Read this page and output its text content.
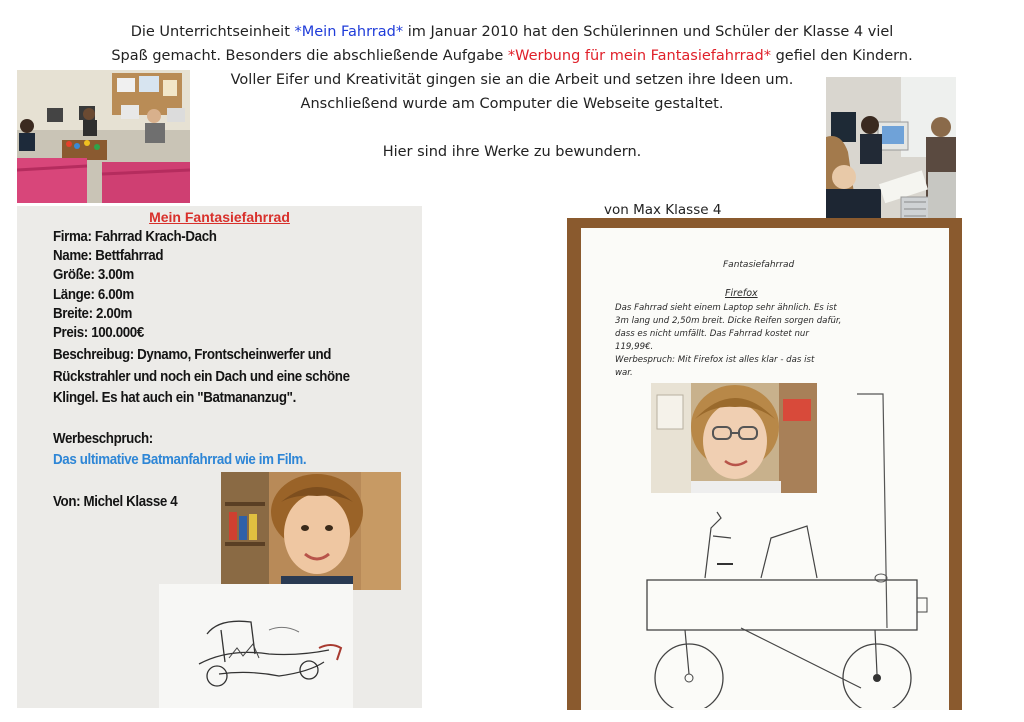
Die Unterrichtseinheit *Mein Fahrrad* im Januar 2010 hat den Schülerinnen und Schüler der Klasse 4 viel
Spaß gemacht. Besonders die abschließende Aufgabe *Werbung für mein Fantasiefahrrad* gefiel den Kindern.
Voller Eifer und Kreativität gingen sie an die Arbeit und setzen ihre Ideen um.
Anschließend wurde am Computer die Webseite gestaltet.
Hier sind ihre Werke zu bewundern.
Mein Fantasiefahrrad
Firma: Fahrrad Krach-Dach
Name: Bettfahrrad
Größe: 3.00m
Länge: 6.00m
Breite: 2.00m
Preis: 100.000€
Beschreibug: Dynamo, Frontscheinwerfer und
Rückstrahler und noch ein Dach und eine schöne
Klingel. Es hat auch ein "Batmananzug".
Werbeschpruch:
Das ultimative Batmanfahrrad wie im Film.
Von: Michel Klasse 4
von Max Klasse 4
Fantasiefahrrad
Firefox
Das Fahrrad sieht einem Laptop sehr ähnlich. Es ist
3m lang und 2,50m breit. Dicke Reifen sorgen dafür,
dass es nicht umfällt. Das Fahrrad kostet nur
119,99€.
Werbespruch: Mit Firefox ist alles klar - das ist
war.
